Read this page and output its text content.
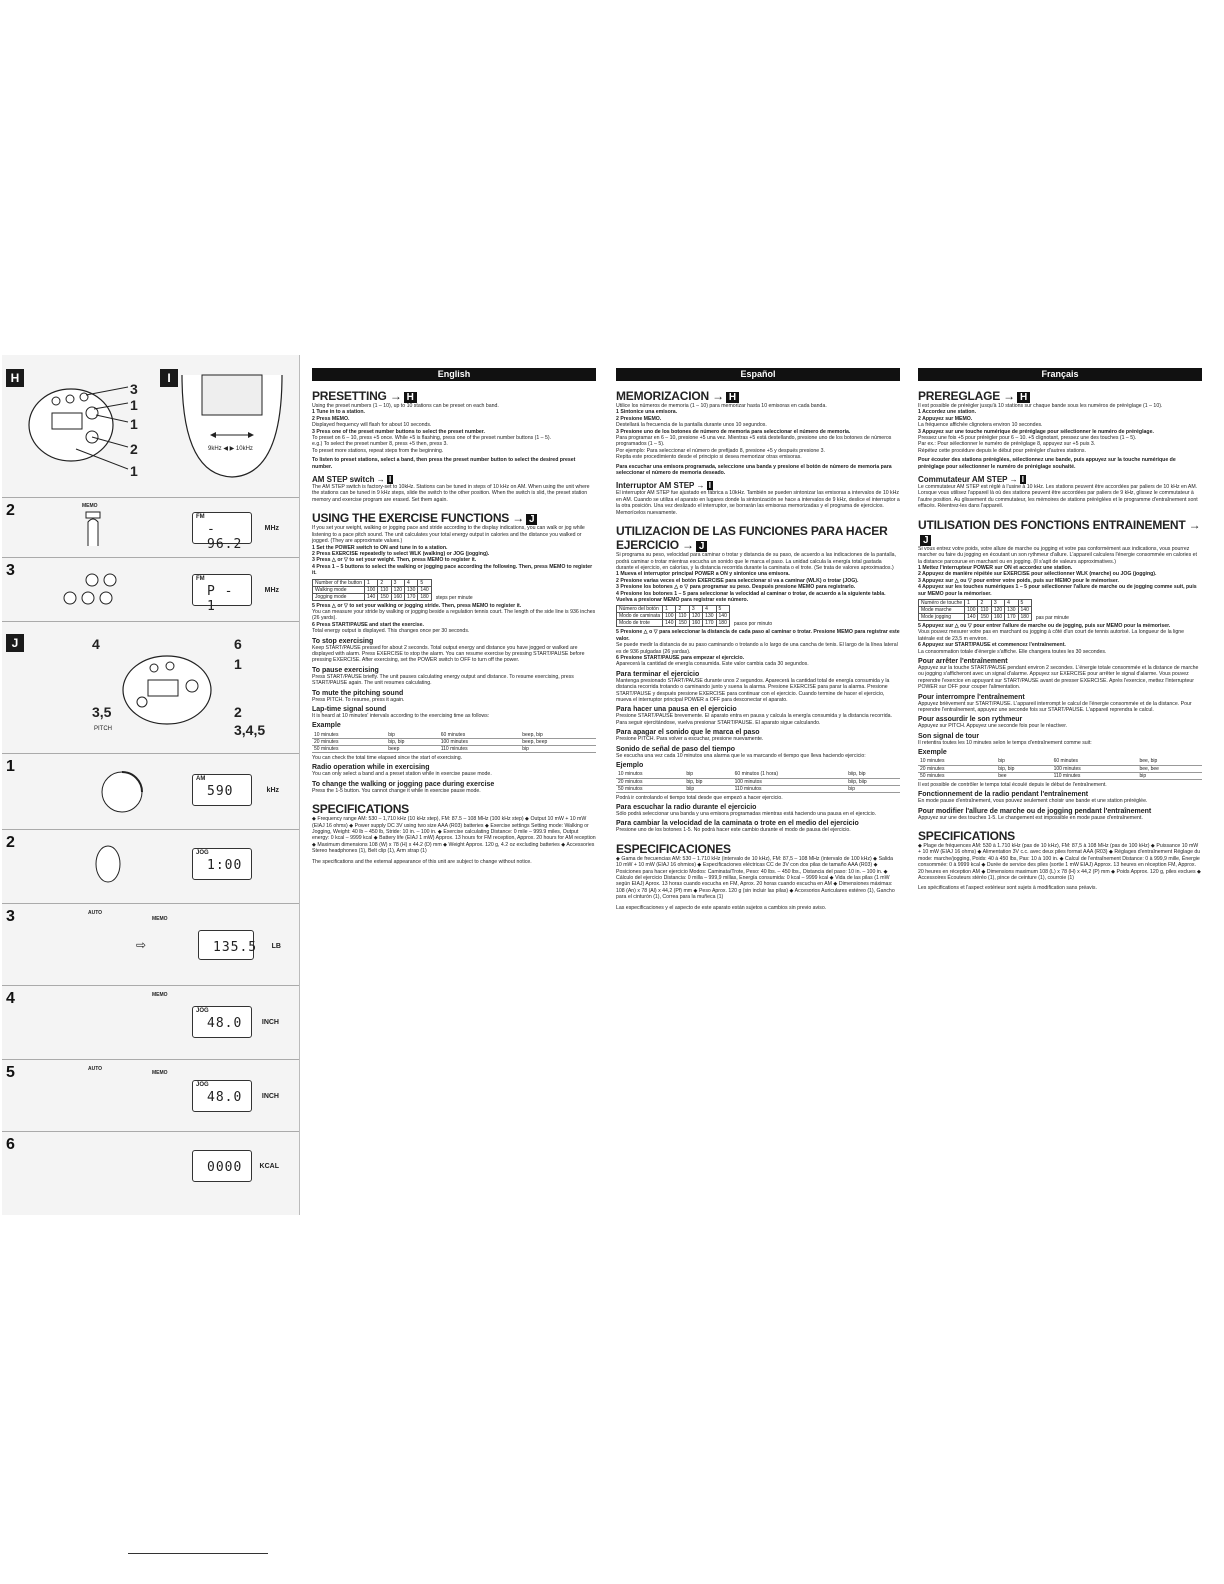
H
3
1
1
2
1
I
9kHz ◀ ▶ 10kHz
2	MEMO
FM
- 96.2
MHz
3	FM
P - 1
MHz
J	4	6
1
3,5	2
3,4,5
PITCH
1
AM
590	kHz
2
JOG
1:00
3	AUTO
MEMO
⇨	135.5 LB
4	MEMO
JOG
48.0	INCH
5	AUTO
MEMO
JOG
48.0	INCH
6
0000 KCAL
English
PRESETTING → H

Using the preset numbers (1 – 10), up to 10 stations can be preset on each band.

1 Tune in to a station.
2 Press MEMO.
Displayed frequency will flash for about 10 seconds.
3 Press one of the preset number buttons to select the preset number.
To preset on 6 – 10, press +5 once. While +5 is flashing, press one of the preset number buttons (1 – 5).
e.g.) To select the preset number 8, press +5 then, press 3.
To preset more stations, repeat steps from the beginning.

To listen to preset stations, select a band, then press the preset number button to select the desired preset number.

AM STEP switch → I

The AM STEP switch is factory-set to 10kHz. Stations can be tuned in steps of 10 kHz on AM. When using the unit where the stations can be tuned in 9 kHz steps, slide the switch to the other position. When the switch is slid, the preset station memory and exercise program are erased. Set them again.

USING THE EXERCISE FUNCTIONS → J

If you set your weight, walking or jogging pace and stride according to the display indications, you can walk or jog while listening to a pace pitch sound. The unit calculates your total energy output in calories and the distance you walked or jogged. (They are approximate values.)

1 Set the POWER switch to ON and tune in to a station.
2 Press EXERCISE repeatedly to select WLK (walking) or JOG (jogging).
3 Press △ or ▽ to set your weight. Then, press MEMO to register it.
4 Press 1 – 5 buttons to select the walking or jogging pace according the following. Then, press MEMO to register it.
Number of the button	1	2	3	4	5
Walking mode	100	110	120	130	140
Jogging mode	140	150	160	170	180 steps per minute
5 Press △ or ▽ to set your walking or jogging stride. Then, press MEMO to register it.
You can measure your stride by walking or jogging beside a regulation tennis court. The length of the side line is 936 inches (26 yards).
6 Press START/PAUSE and start the exercise.
Total energy output is displayed. This changes once per 30 seconds.
To stop exercising

Keep START/PAUSE pressed for about 2 seconds. Total output energy and distance you have jogged or walked are displayed with alarm. Press EXERCISE to stop the alarm. You can resume exercise by pressing START/PAUSE before pressing EXERCISE. After exercising, set the POWER switch to OFF to turn off the power.

To pause exercising

Press START/PAUSE briefly. The unit pauses calculating energy output and distance. To resume exercising, press START/PAUSE again. The unit resumes calculating.

To mute the pitching sound

Press PITCH. To resume, press it again.

Lap-time signal sound

It is heard at 10 minutes' intervals according to the exercising time as follows:

Example
10 minutes	bip	60 minutes	beep, bip
20 minutes	bip, bip	100 minutes	beep, beep
50 minutes	beep	110 minutes	bip

You can check the total time elapsed since the start of exercising.

Radio operation while in exercising

You can only select a band and a preset station while in exercise pause mode.

To change the walking or jogging pace during exercise

Press the 1-5 button. You cannot change it while in exercise pause mode.

SPECIFICATIONS

◆ Frequency range AM: 530 – 1,710 kHz (10 kHz step), FM: 87.5 – 108 MHz (100 kHz step) ◆ Output 10 mW + 10 mW (EIAJ 16 ohms) ◆ Power supply DC 3V using two size AAA (R03) batteries ◆ Exercise settings Setting mode: Walking or Jogging, Weight: 40 lb – 450 lb, Stride: 10 in. – 100 in. ◆ Exercise calculating Distance: 0 mile – 999.9 miles, Output energy: 0 kcal – 9999 kcal ◆ Battery life (EIAJ 1 mW) Approx. 13 hours for FM reception, Approx. 20 hours for AM reception ◆ Maximum dimensions 108 (W) x 78 (H) x 44.2 (D) mm ◆ Weight Approx. 120 g, 4.2 oz excluding batteries ◆ Accessories Stereo headphones (1), Belt clip (1), Arm strap (1)

The specifications and the external appearance of this unit are subject to change without notice.

Español
MEMORIZACION → H

Utilice los números de memoria (1 – 10) para memorizar hasta 10 emisoras en cada banda.

1 Sintonice una emisora.
2 Presione MEMO.
Destellará la frecuencia de la pantalla durante unos 10 segundos.
3 Presione uno de los botones de número de memoria para seleccionar el número de memoria.
Para programar en 6 – 10, presione +5 una vez. Mientras +5 está destellando, presione uno de los botones de números programados (1 – 5).
Por ejemplo: Para seleccionar el número de prefijado 8, presione +5 y después presione 3.
Repita este procedimiento desde el principio si desea memorizar otras emisoras.

Para escuchar una emisora programada, seleccione una banda y presione el botón de número de memoria para seleccionar el número de memoria deseado.

Interruptor AM STEP → I

El interruptor AM STEP fue ajustado en fábrica a 10kHz. También se pueden sintonizar las emisoras a intervalos de 10 kHz en AM. Cuando se utiliza el aparato en lugares donde la sintonización se hace a intervalos de 9 kHz, deslice el interruptor a la otra posición. Una vez deslizado el interruptor, se borrarán las emisoras memorizadas y el programa de ejercicios. Memorícelos nuevamente.

UTILIZACION DE LAS FUNCIONES PARA HACER EJERCICIO → J

Si programa su peso, velocidad para caminar o trotar y distancia de su paso, de acuerdo a las indicaciones de la pantalla, podrá caminar o trotar mientras escucha un sonido que le marca el paso. La unidad calcula la energía total gastada durante el ejercicio, en calorías, y la distancia recorrida durante la caminata o el trote. (Se trata de valores aproximados.)

1 Mueva el interruptor principal POWER a ON y sintonice una emisora.
2 Presione varias veces el botón EXERCISE para seleccionar si va a caminar (WLK) o trotar (JOG).
3 Presione los botones △ o ▽ para programar su peso. Después presione MEMO para registrarlo.
4 Presione los botones 1 – 5 para seleccionar la velocidad al caminar o trotar, de acuerdo a la siguiente tabla. Vuelva a presionar MEMO para registrar este número.
Número del botón	1	2	3	4	5
Modo de caminata	100	110	120	130	140
Modo de trote	140	150	160	170	180 pasos por minuto
5 Presione △ o ▽ para seleccionar la distancia de cada paso al caminar o trotar. Presione MEMO para registrar este valor.
Se puede medir la distancia de su paso caminando o trotando a lo largo de una cancha de tenis. El largo de la línea lateral es de 936 pulgadas (26 yardas).
6 Presione START/PAUSE para empezar el ejercicio.
Aparecerá la cantidad de energía consumida. Este valor cambia cada 30 segundos.
Para terminar el ejercicio

Mantenga presionado START/PAUSE durante unos 2 segundos. Aparecerá la cantidad total de energía consumida y la distancia recorrida trotando o caminando junto y suena la alarma. Presione EXERCISE para parar la alarma. Presione START/PAUSE y después presione EXERCISE para continuar con el ejercicio. Cuando termine de hacer el ejercicio, mueva el interruptor principal POWER a OFF para desconectar el aparato.

Para hacer una pausa en el ejercicio

Presione START/PAUSE brevemente. El aparato entra en pausa y calcula la energía consumida y la distancia recorrida. Para seguir ejercitándose, vuelva presionar START/PAUSE. El aparato sigue calculando.

Para apagar el sonido que le marca el paso

Presione PITCH. Para volver a escuchar, presione nuevamente.

Sonido de señal de paso del tiempo

Se escucha una vez cada 10 minutos una alarma que le va marcando el tiempo que lleva haciendo ejercicio:

Ejemplo
10 minutos	bip	60 minutos (1 hora)	biip, bip
20 minutos	bip, bip	100 minutos	biip, biip
50 minutos	biip	110 minutos	bip

Podrá ir controlando el tiempo total desde que empezó a hacer ejercicio.

Para escuchar la radio durante el ejercicio

Sólo podrá seleccionar una banda y una emisora programadas mientras está haciendo una pausa en el ejercicio.

Para cambiar la velocidad de la caminata o trote en el medio del ejercicio

Presione uno de los botones 1-5. No podrá hacer este cambio durante el modo de pausa del ejercicio.

ESPECIFICACIONES

◆ Gama de frecuencias AM: 530 – 1.710 kHz (intervalo de 10 kHz), FM: 87,5 – 108 MHz (intervalo de 100 kHz) ◆ Salida 10 mW + 10 mW (EIAJ 16 ohmios) ◆ Especificaciones eléctricas CC de 3V con dos pilas de tamaño AAA (R03) ◆ Posiciones para hacer ejercicio Modos: Caminata/Trote, Peso: 40 lbs. – 450 lbs., Distancia del paso: 10 in. – 100 in. ◆ Cálculo del ejercicio Distancia: 0 milla – 999,9 millas, Energía consumida: 0 kcal – 9999 kcal ◆ Vida de las pilas (1 mW según EIAJ) Aprox. 13 horas cuando escucha en FM, Aprox. 20 horas cuando escucha en AM ◆ Dimensiones máximas: 108 (An) x 78 (Al) x 44,2 (Pf) mm ◆ Peso Aprox. 120 g (sin incluir las pilas) ◆ Accesorios Auriculares estéreo (1), Gancho para el cinturón (1), Correa para la muñeca (1)

Las especificaciones y el aspecto de este aparato están sujetos a cambios sin previo aviso.

Français
PREREGLAGE → H

Il est possible de prérégler jusqu'à 10 stations sur chaque bande sous les numéros de préréglage (1 – 10).

1 Accordez une station.
2 Appuyez sur MEMO.
La fréquence affichée clignotera environ 10 secondes.
3 Appuyez sur une touche numérique de préréglage pour sélectionner le numéro de préréglage.
Pressez une fois +5 pour prérégler pour 6 – 10. +5 clignotant, pressez une des touches (1 – 5).
Par ex.: Pour sélectionner le numéro de préréglage 8, appuyez sur +5 puis 3.
Répétez cette procédure depuis le début pour prérégler d'autres stations.

Pour écouter des stations préréglées, sélectionnez une bande, puis appuyez sur la touche numérique de préréglage pour sélectionner le numéro de préréglage souhaité.

Commutateur AM STEP → I

Le commutateur AM STEP est réglé à l'usine à 10 kHz. Les stations peuvent être accordées par paliers de 10 kHz en AM. Lorsque vous utilisez l'appareil là où des stations peuvent être accordées par paliers de 9 kHz, glissez le commutateur à l'autre position. Au glissement du commutateur, les mémoires de stations préréglées et le programme d'entraînement sont effacés. Réentrez-les dans l'appareil.

UTILISATION DES FONCTIONS ENTRAINEMENT →J

Si vous entrez votre poids, votre allure de marche ou jogging et votre pas conformément aux indications, vous pourrez marcher ou faire du jogging en écoutant un son rythmeur d'allure. L'appareil calculera l'énergie consommée en calories et la distance parcourue en marchant ou en jogging. (Il s'agit de valeurs approximatives.)

1 Mettez l'interrupteur POWER sur ON et accordez une station.
2 Appuyez de manière répétée sur EXERCISE pour sélectionner WLK (marche) ou JOG (jogging).
3 Appuyez sur △ ou ▽ pour entrer votre poids, puis sur MEMO pour le mémoriser.
4 Appuyez sur les touches numériques 1 – 5 pour sélectionner l'allure de marche ou de jogging comme suit, puis sur MEMO pour la mémoriser.
Numéro de touche	1	2	3	4	5
Mode marche	100	110	120	130	140
Mode jogging	140	150	160	170	180 pas par minute
5 Appuyez sur △ ou ▽ pour entrer l'allure de marche ou de jogging, puis sur MEMO pour la mémoriser.
Vous pouvez mesurer votre pas en marchant ou jogging à côté d'un court de tennis autorisé. La longueur de la ligne latérale est de 23,5 m environ.
6 Appuyez sur START/PAUSE et commencez l'entraînement.
La consommation totale d'énergie s'affiche. Elle changera toutes les 30 secondes.
Pour arrêter l'entraînement

Appuyez sur la touche START/PAUSE pendant environ 2 secondes. L'énergie totale consommée et la distance de marche ou jogging s'afficheront avec un signal d'alarme. Appuyez sur EXERCISE pour arrêter le signal d'alarme. Vous pouvez reprendre l'exercice en appuyant sur START/PAUSE avant de presser EXERCISE. Après l'exercice, mettez l'interrupteur POWER sur OFF pour couper l'alimentation.

Pour interrompre l'entraînement

Appuyez brièvement sur START/PAUSE. L'appareil interrompt le calcul de l'énergie consommée et de la distance. Pour reprendre l'entraînement, appuyez une seconde fois sur START/PAUSE. L'appareil reprendra le calcul.

Pour assourdir le son rythmeur

Appuyez sur PITCH. Appuyez une seconde fois pour le réactiver.

Son signal de tour

Il retentira toutes les 10 minutes selon le temps d'entraînement comme suit:

Exemple
10 minutes	bip	60 minutes	bee, bip
20 minutes	bip, bip	100 minutes	bee, bee
50 minutes	bee	110 minutes	bip

Il est possible de contrôler le temps total écoulé depuis le début de l'entraînement.

Fonctionnement de la radio pendant l'entraînement

En mode pause d'entraînement, vous pouvez seulement choisir une bande et une station préréglée.

Pour modifier l'allure de marche ou de jogging pendant l'entraînement

Appuyez sur une des touches 1-5. Le changement est impossible en mode pause d'entraînement.

SPECIFICATIONS

◆ Plage de fréquences AM: 530 à 1.710 kHz (pas de 10 kHz), FM: 87,5 à 108 MHz (pas de 100 kHz) ◆ Puissance 10 mW + 10 mW (EIAJ 16 ohms) ◆ Alimentation 3V c.c. avec deux piles format AAA (R03) ◆ Réglages d'entraînement Réglage du mode: marche/jogging, Poids: 40 à 450 lbs, Pas: 10 à 100 in. ◆ Calcul de l'entraînement Distance: 0 à 999,9 mille, Énergie consommée: 0 à 9999 kcal ◆ Durée de service des piles (sortie 1 mW EIAJ) Approx. 13 heures en réception FM, Approx. 20 heures en réception AM ◆ Dimensions maximum 108 (L) x 78 (H) x 44,2 (P) mm ◆ Poids Approx. 120 g, piles exclues ◆ Accessoires Écouteurs stéréo (1), pince de ceinture (1), courroie (1)

Les spécifications et l'aspect extérieur sont sujets à modification sans préavis.
